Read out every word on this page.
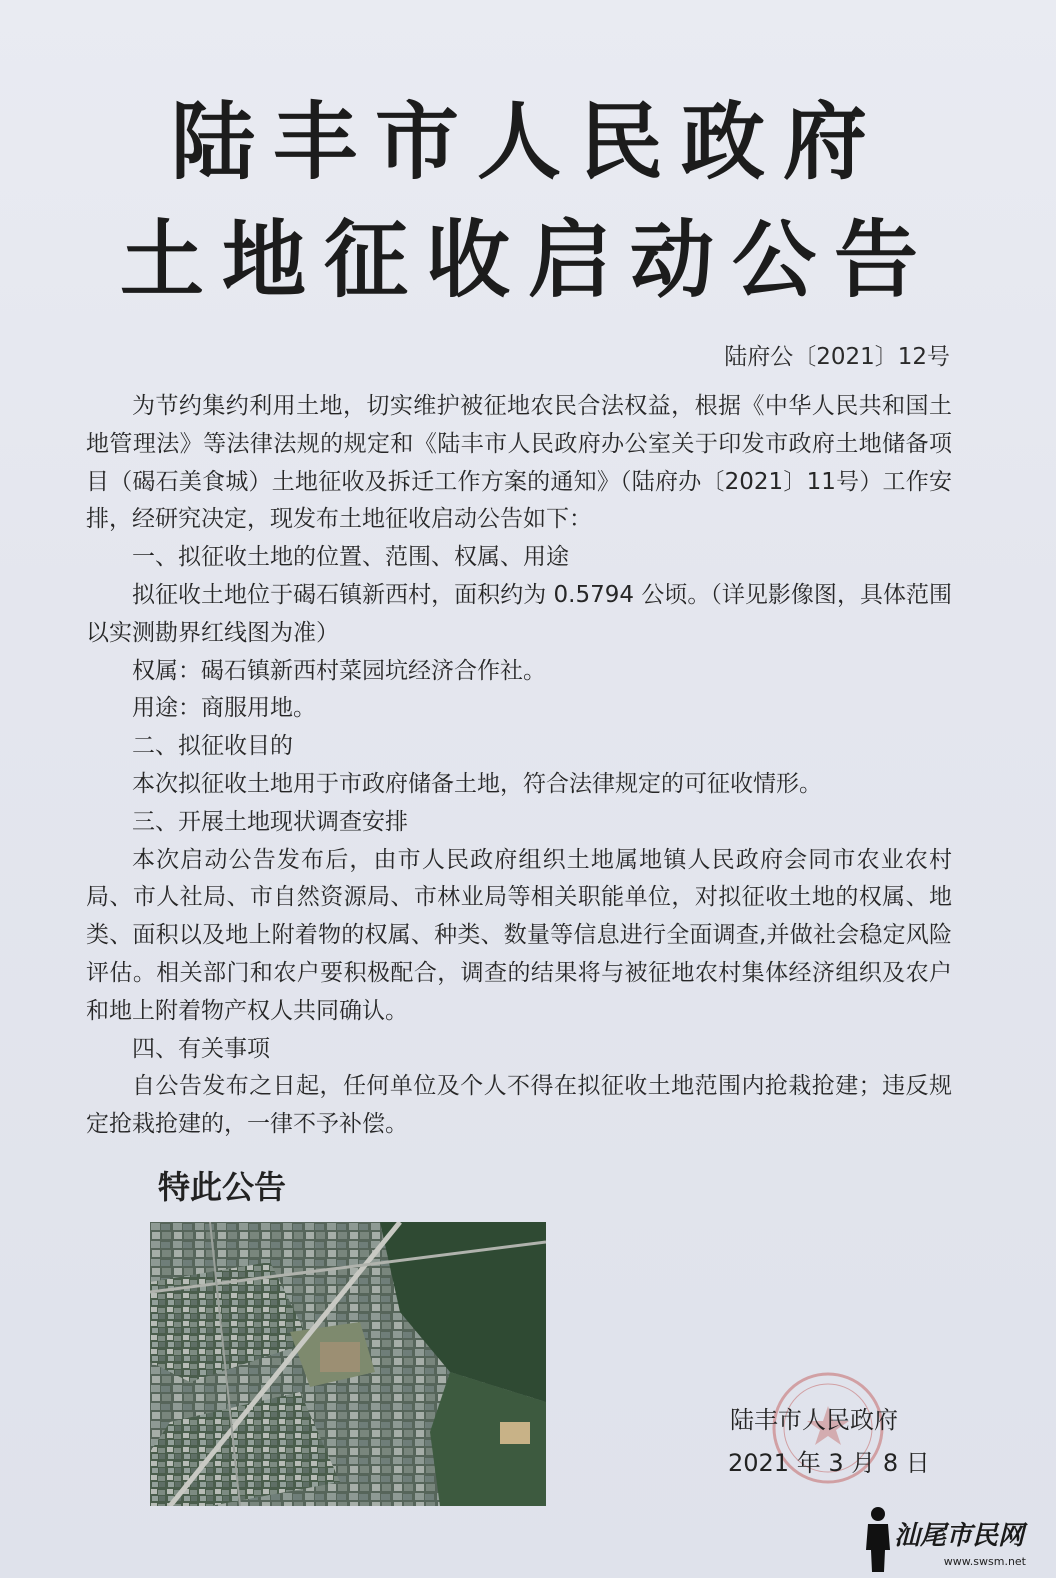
陆丰市人民政府
土地征收启动公告
陆府公〔2021〕12号

为节约集约利用土地，切实维护被征地农民合法权益，根据《中华人民共和国土地管理法》等法律法规的规定和《陆丰市人民政府办公室关于印发市政府土地储备项目（碣石美食城）土地征收及拆迁工作方案的通知》（陆府办〔2021〕11号）工作安排，经研究决定，现发布土地征收启动公告如下：

一、拟征收土地的位置、范围、权属、用途

拟征收土地位于碣石镇新西村，面积约为 0.5794 公顷。（详见影像图，具体范围以实测勘界红线图为准）

权属：碣石镇新西村菜园坑经济合作社。

用途：商服用地。

二、拟征收目的

本次拟征收土地用于市政府储备土地，符合法律规定的可征收情形。

三、开展土地现状调查安排

本次启动公告发布后，由市人民政府组织土地属地镇人民政府会同市农业农村局、市人社局、市自然资源局、市林业局等相关职能单位，对拟征收土地的权属、地类、面积以及地上附着物的权属、种类、数量等信息进行全面调查,并做社会稳定风险评估。相关部门和农户要积极配合，调查的结果将与被征地农村集体经济组织及农户和地上附着物产权人共同确认。

四、有关事项

自公告发布之日起，任何单位及个人不得在拟征收土地范围内抢栽抢建；违反规定抢栽抢建的，一律不予补偿。

特此公告
陆丰市人民政府
2021 年 3 月 8 日
汕尾市民网
www.swsm.net
